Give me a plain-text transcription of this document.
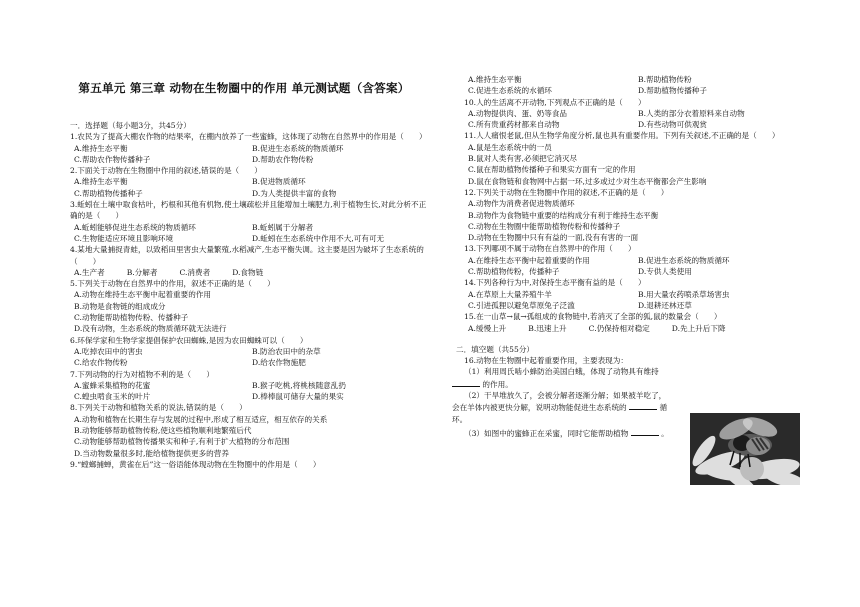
第五单元 第三章 动物在生物圈中的作用 单元测试题（含答案）
一．选择题（每小题3分，共45分）
1.农民为了提高大棚农作物的结果率，在棚内放养了一些蜜蜂，这体现了动物在自然界中的作用是（　　）
A.维持生态平衡	B.促进生态系统的物质循环
C.帮助农作物传播种子	D.帮助农作物传粉
2.下面关于动物在生物圈中作用的叙述,错误的是（　　）
A.维持生态平衡	B.促进物质循环
C.帮助植物传播种子	D.为人类提供丰富的食物
3.蚯蚓在土壤中取食枯叶，朽根和其他有机物,使土壤疏松并且能增加土壤肥力,利于植物生长,对此分析不正确的是（　　）
A.蚯蚓能够促进生态系统的物质循环	B.蚯蚓属于分解者
C.生物能适应环境且影响环境	D.蚯蚓在生态系统中作用不大,可有可无
4.某地大量捕捉青蛙，以致稻田里害虫大量繁殖,水稻减产,生态平衡失调。这主要是因为破坏了生态系统的（　　）
A.生产者	B.分解者	C.消费者	D.食物链
5.下列关于动物在自然界中的作用，叙述不正确的是（　　）
A.动物在维持生态平衡中起着重要的作用
B.动物是食物链的组成成分
C.动物能帮助植物传粉、传播种子
D.没有动物，生态系统的物质循环就无法进行
6.环保学家和生物学家提倡保护农田蜘蛛,是因为农田蜘蛛可以（　　）
A.吃掉农田中的害虫	B.防治农田中的杂草
C.给农作物传粉	D.给农作物施肥
7.下列动物的行为对植物不利的是（　　）
A.蜜蜂采集植物的花蜜	B.猴子吃桃,将桃核随意乱扔
C.蝗虫啃食玉米的叶片	D.棒棒鼠可储存大量的果实
8.下列关于动物和植物关系的说法,错误的是（　　）
A.动物和植物在长期生存与发展的过程中,形成了相互适应，相互依存的关系
B.动物能够帮助植物传粉,使这些植物顺利地繁殖后代
C.动物能够帮助植物传播果实和种子,有利于扩大植物的分布范围
D.当动物数量很多时,能给植物提供更多的营养
9.“螳螂捕蝉，黄雀在后”这一俗语能体现动物在生物圈中的作用是（　　）
A.维持生态平衡	B.帮助植物传粉
C.促进生态系统的水循环	D.帮助植物传播种子
10.人的生活离不开动物,下列观点不正确的是（　　）
A.动物提供肉、蛋、奶等食品	B.人类的部分衣着原料来自动物
C.所有贵重药材都来自动物	D.有些动物可供观赏
11.人人痛恨老鼠,但从生物学角度分析,鼠也具有重要作用。下列有关叙述,不正确的是（　　）
A.鼠是生态系统中的一员
B.鼠对人类有害,必须把它消灭尽
C.鼠在帮助植物传播种子和果实方面有一定的作用
D.鼠在食物链和食物网中占据一环,过多或过少对生态平衡都会产生影响
12.下列关于动物在生物圈中作用的叙述,不正确的是（　　）
A.动物作为消费者促进物质循环
B.动物作为食物链中重要的结构成分有利于维持生态平衡
C.动物在生物圈中能帮助植物传粉和传播种子
D.动物在生物圈中只有有益的一面,没有有害的一面
13.下列哪项不属于动物在自然界中的作用（　　）
A.在维持生态平衡中起着重要的作用	B.促进生态系统的物质循环
C.帮助植物传粉，传播种子	D.专供人类使用
14.下列各种行为中,对保持生态平衡有益的是（　　）
A.在草原上大量养殖牛羊	B.用大量农药喷杀草场害虫
C.引进孤狸以避兔草原兔子泛滥	D.退耕还林还草
15.在一山草→鼠→孤组成的食物链中,若消灭了全部的狐,鼠的数量会（　　）
A.缓慢上升	B.迅速上升	C.仍保持相对稳定	D.先上升后下降
二．填空题（共55分）
16.动物在生物圈中起着重要作用，主要表现为：
（1）利用周氏啮小蜂防治美国白蛾，体现了动物具有维持
的作用。
（2）干旱堆放久了，会被分解者逐渐分解；如果被羊吃了，
会在羊体内被更快分解，说明动物能促进生态系统的	循
环。
（3）如图中的蜜蜂正在采蜜，同时它能帮助植物	。
